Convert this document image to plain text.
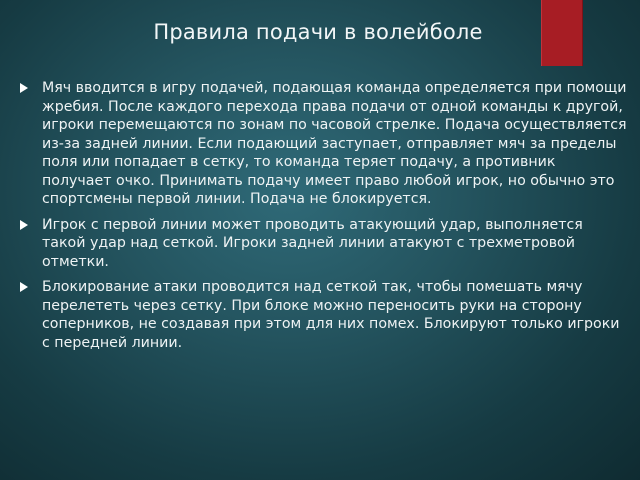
Правила подачи в волейболе
Мяч вводится в игру подачей, подающая команда определяется при помощи жребия. После каждого перехода права подачи от одной команды к другой, игроки перемещаются по зонам по часовой стрелке. Подача осуществляется из-за задней линии. Если подающий заступает, отправляет мяч за пределы поля или попадает в сетку, то команда теряет подачу, а противник получает очко. Принимать подачу имеет право любой игрок, но обычно это спортсмены первой линии. Подача не блокируется.
Игрок с первой линии может проводить атакующий удар, выполняется такой удар над сеткой. Игроки задней линии атакуют с трехметровой отметки.
Блокирование атаки проводится над сеткой так, чтобы помешать мячу перелететь через сетку. При блоке можно переносить руки на сторону соперников, не создавая при этом для них помех. Блокируют только игроки с передней линии.
